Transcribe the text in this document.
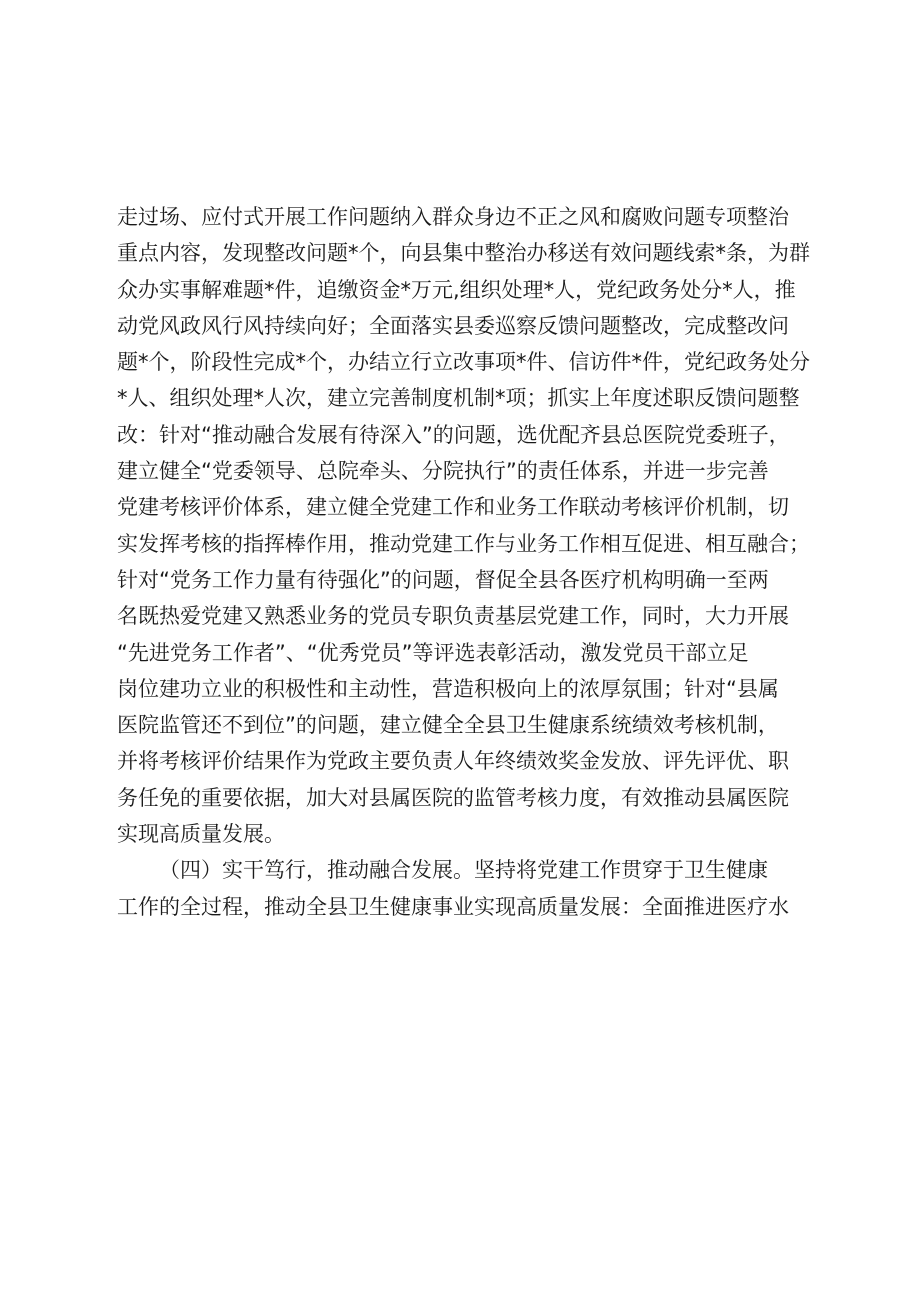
走过场、应付式开展工作问题纳入群众身边不正之风和腐败问题专项整治
重点内容，发现整改问题*个，向县集中整治办移送有效问题线索*条，为群
众办实事解难题*件，追缴资金*万元,组织处理*人，党纪政务处分*人，推
动党风政风行风持续向好；全面落实县委巡察反馈问题整改，完成整改问
题*个，阶段性完成*个，办结立行立改事项*件、信访件*件，党纪政务处分
*人、组织处理*人次，建立完善制度机制*项；抓实上年度述职反馈问题整
改：针对“推动融合发展有待深入”的问题，选优配齐县总医院党委班子，
建立健全“党委领导、总院牵头、分院执行”的责任体系，并进一步完善
党建考核评价体系，建立健全党建工作和业务工作联动考核评价机制，切
实发挥考核的指挥棒作用，推动党建工作与业务工作相互促进、相互融合；
针对“党务工作力量有待强化”的问题，督促全县各医疗机构明确一至两
名既热爱党建又熟悉业务的党员专职负责基层党建工作，同时，大力开展
“先进党务工作者”、“优秀党员”等评选表彰活动，激发党员干部立足
岗位建功立业的积极性和主动性，营造积极向上的浓厚氛围；针对“县属
医院监管还不到位”的问题，建立健全全县卫生健康系统绩效考核机制，
并将考核评价结果作为党政主要负责人年终绩效奖金发放、评先评优、职
务任免的重要依据，加大对县属医院的监管考核力度，有效推动县属医院
实现高质量发展。
（四）实干笃行，推动融合发展。坚持将党建工作贯穿于卫生健康
工作的全过程，推动全县卫生健康事业实现高质量发展：全面推进医疗水
